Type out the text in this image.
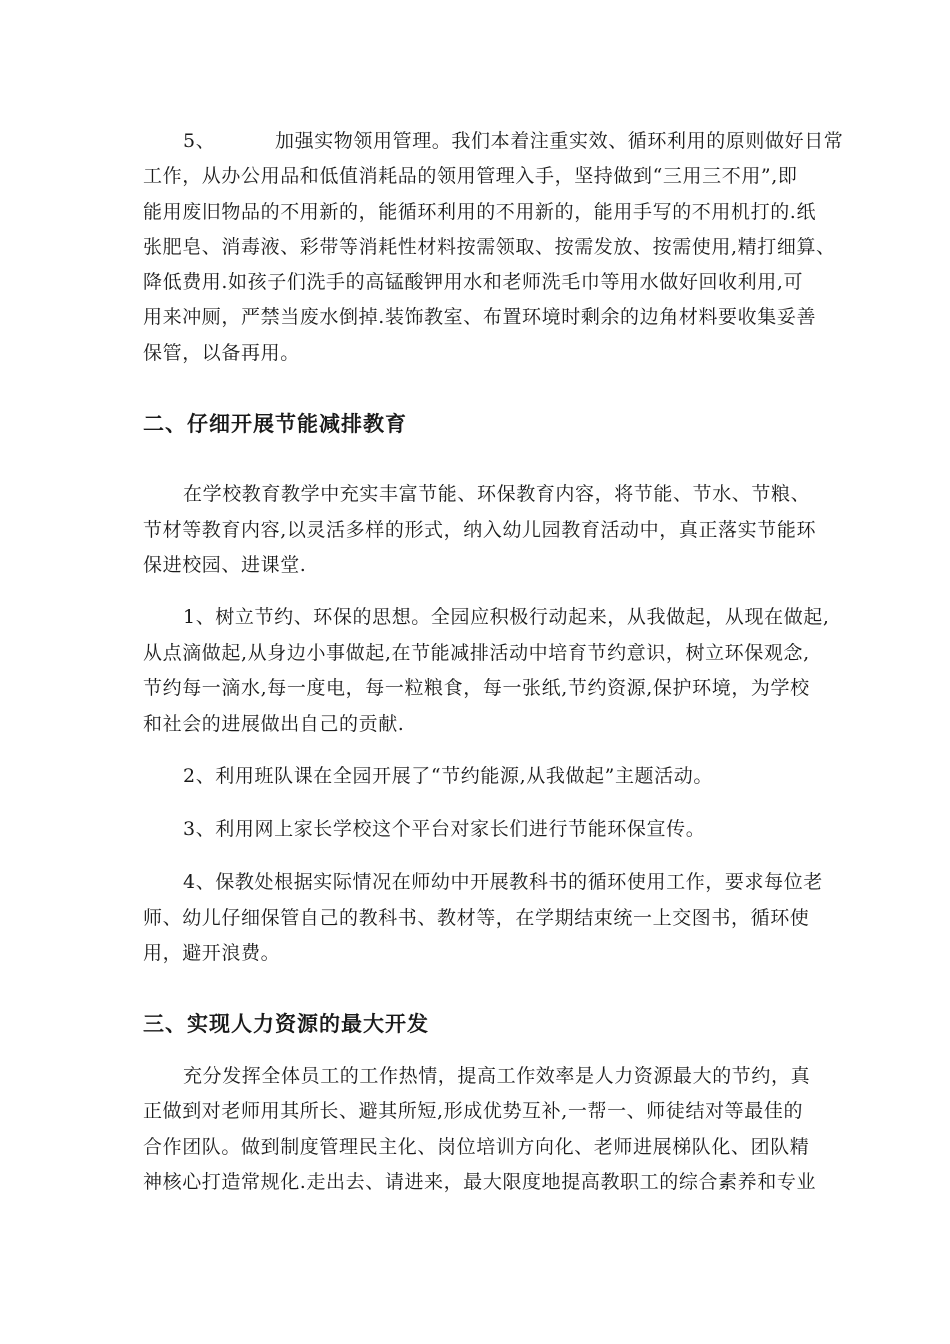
5、	加强实物领用管理。我们本着注重实效、循环利用的原则做好日常
工作，从办公用品和低值消耗品的领用管理入手，坚持做到“三用三不用”,即
能用废旧物品的不用新的，能循环利用的不用新的，能用手写的不用机打的.纸
张肥皂、消毒液、彩带等消耗性材料按需领取、按需发放、按需使用,精打细算、
降低费用.如孩子们洗手的高锰酸钾用水和老师洗毛巾等用水做好回收利用,可
用来冲厕，严禁当废水倒掉.装饰教室、布置环境时剩余的边角材料要收集妥善
保管，以备再用。
二、仔细开展节能减排教育
在学校教育教学中充实丰富节能、环保教育内容，将节能、节水、节粮、
节材等教育内容,以灵活多样的形式，纳入幼儿园教育活动中，真正落实节能环
保进校园、进课堂.
1、树立节约、环保的思想。全园应积极行动起来，从我做起，从现在做起,
从点滴做起,从身边小事做起,在节能减排活动中培育节约意识，树立环保观念,
节约每一滴水,每一度电，每一粒粮食，每一张纸,节约资源,保护环境，为学校
和社会的进展做出自己的贡献.
2、利用班队课在全园开展了“节约能源,从我做起”主题活动。
3、利用网上家长学校这个平台对家长们进行节能环保宣传。
4、保教处根据实际情况在师幼中开展教科书的循环使用工作，要求每位老
师、幼儿仔细保管自己的教科书、教材等，在学期结束统一上交图书，循环使
用，避开浪费。
三、实现人力资源的最大开发
充分发挥全体员工的工作热情，提高工作效率是人力资源最大的节约，真
正做到对老师用其所长、避其所短,形成优势互补,一帮一、师徒结对等最佳的
合作团队。做到制度管理民主化、岗位培训方向化、老师进展梯队化、团队精
神核心打造常规化.走出去、请进来，最大限度地提高教职工的综合素养和专业
